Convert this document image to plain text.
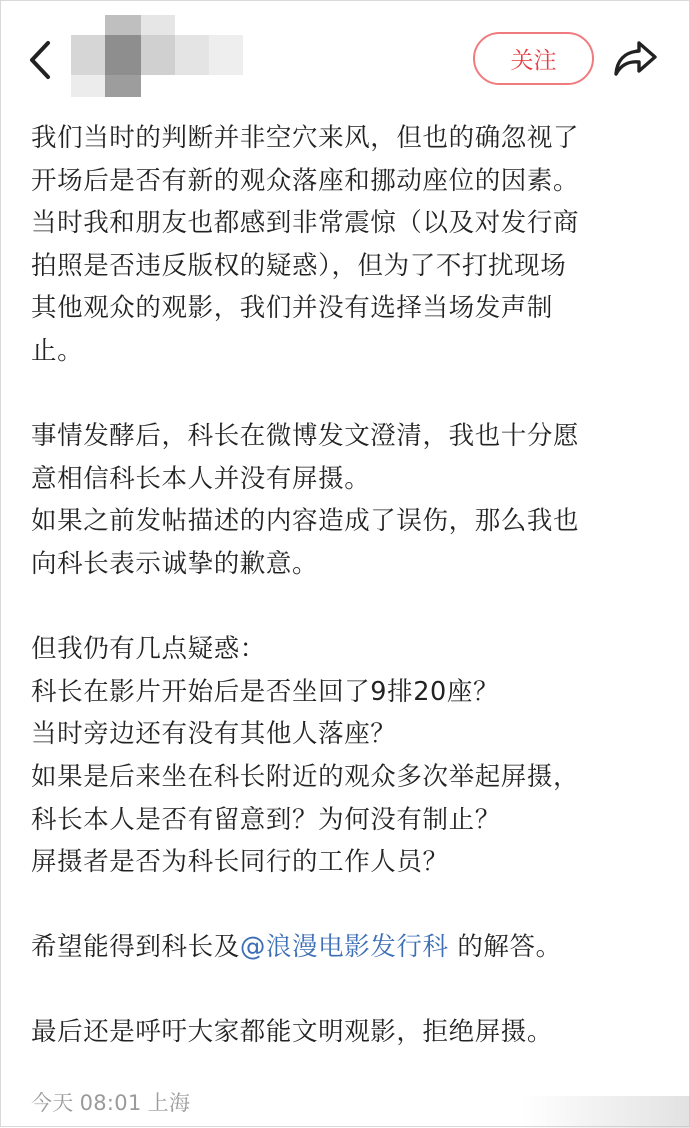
关注

我们当时的判断并非空穴来风，但也的确忽视了

开场后是否有新的观众落座和挪动座位的因素。

当时我和朋友也都感到非常震惊（以及对发行商

拍照是否违反版权的疑惑），但为了不打扰现场

其他观众的观影，我们并没有选择当场发声制

止。

事情发酵后，科长在微博发文澄清，我也十分愿

意相信科长本人并没有屏摄。

如果之前发帖描述的内容造成了误伤，那么我也

向科长表示诚挚的歉意。

但我仍有几点疑惑：

科长在影片开始后是否坐回了9排20座？

当时旁边还有没有其他人落座？

如果是后来坐在科长附近的观众多次举起屏摄，

科长本人是否有留意到？为何没有制止？

屏摄者是否为科长同行的工作人员？

希望能得到科长及@浪漫电影发行科 的解答。

最后还是呼吁大家都能文明观影，拒绝屏摄。

今天 08:01 上海
